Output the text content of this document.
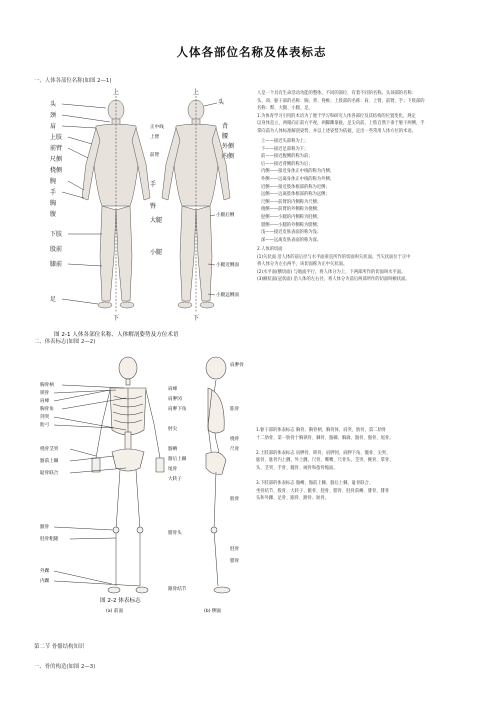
人体各部位名称及体表标志
一、人体各部位名称(如图 2—1)
头
颈
肩
上肢
前臂
尺侧
桡侧
腕
手
胸
腹
下肢
股前
膝前
足
头
正中线
上臂
前臂
背
腰
外侧
内侧
手
臀
大腿
小腿
小腿后侧
小腿近侧面
小腿远侧面
上	上
下	下
图 2-1 人体各部位名称、人体解剖姿势及方位术语
人是一个具有生命活动功能的整体。不同的部位，有着不同的名称。头颈部的名称：
头、颈；躯干部的名称：胸、背、脊椎；上肢部的名称：肩、上臂、前臂、手；下肢部的
名称：臀、大腿、小腿、足。
1.为体育学习引用的术语为了便于学习和研究人体各部位及其结构的位置变化，规定
以身体直立，两眼向正前方平视，两脚踝靠拢，足尖向前，上肢自然下垂于躯干两侧，手
掌向前为人体标准解剖姿势，并以上述姿势为依据，定出一些常用人体方位的术语。
上——接近头部称为上；
下——接近足部称为下；
前——接近腹侧的称为前；
后——接近背侧的称为后；
内侧——接近身体正中线的称为内侧；
外侧——远离身体正中线的称为外侧；
近侧——接近肢体根部的称为近侧；
远侧——远离肢体根部的称为远侧；
尺侧——前臂的内侧称为尺侧；
桡侧——前臂的外侧称为桡侧；
胫侧——小腿的内侧称为胫侧；
腓侧——小腿的外侧称为腓侧；
浅——接近皮肤表面的称为浅；
深——远离皮肤表面的称为深。
2.人体的切面
(1)矢状面 沿人体的前后径与水平面垂直所作的切面叫矢状面。当矢状面位于正中
将人体分为左右两半，该切面称为正中矢状面。
(2)水平面(横切面) 与地面平行，将人体分为上、下两部所作的切面叫水平面。
(3)额状面(冠状面) 沿人体的左右径，将人体分为前后两部所作的切面叫额状面。
二、体表标志(如图 2—2)
胸骨柄
锁骨
肩峰
胸骨角
剑突
肋弓
桡骨茎突
髂前上棘
耻骨联合
髌骨
胫骨粗隆
外踝
内踝
肩峰
肩胛冈
肩胛下角
髂嵴
髂后上棘
尾骨
大转子
肘尖
腓骨头
跟骨结节
肩胛骨
肱骨
桡骨
尺骨
股骨
胫骨
腓骨
图 2-2 体表标志
(a) 前面	(b) 侧面
1.躯干部的体表标志 胸骨、胸骨柄、胸骨体、肩突、肋骨、第二肋骨
十二肋骨、第一肋骨十胸锁骨、棘骨、髂棘、胸廓、髂骨、髂骨、尾骨。
2.上肢部的体表标志 肩胛骨、锁骨、肩胛冈、肩胛下角、髋骨、尖突、
肱骨、肱骨内上髁、外上髁、尺骨、鹰嘴、尺骨头、茎突、腕骨、掌骨、
头、茎突、手骨、髋骨、豌骨和指骨缩面。
3.下肢部的体表标志 髂嵴、髂前上棘、髂后上棘、耻骨联合、
坐骨结节、股骨、大转子、髌骨、胫骨、腓骨、胫骨前嵴、腓骨、腓骨
头和外踝、足骨、跟骨、跗骨、趾骨。
第二节 骨骼结构知识
一、骨的构造(如图 2—3)
